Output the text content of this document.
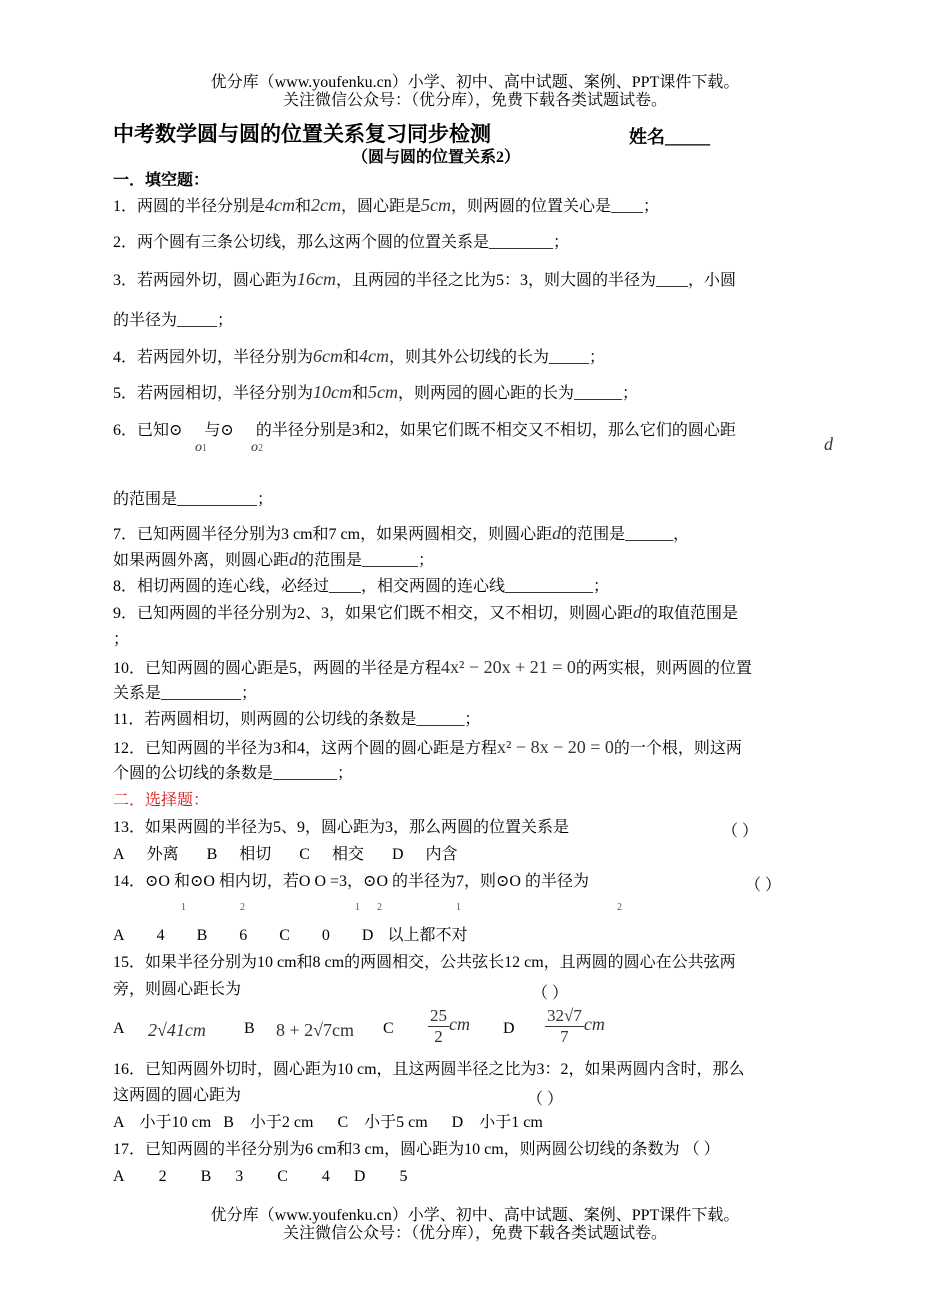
优分库（www.youfenku.cn）小学、初中、高中试题、案例、PPT课件下载。
关注微信公众号：（优分库），免费下载各类试题试卷。
中考数学圆与圆的位置关系复习同步检测	姓名_____
（圆与圆的位置关系2）
一．填空题：
1．两圆的半径分别是4cm和2cm，圆心距是5cm，则两圆的位置关心是____；
2．两个圆有三条公切线，那么这两个圆的位置关系是________；
3．若两园外切，圆心距为16cm，且两园的半径之比为5：3，则大圆的半径为____，小圆
的半径为_____；
4．若两园外切，半径分别为6cm和4cm，则其外公切线的长为_____；
5．若两园相切，半径分别为10cm和5cm，则两园的圆心距的长为______；
6．已知⊙ 与⊙ 的半径分别是3和2，如果它们既不相交又不相切，那么它们的圆心距
o1	o2	d
的范围是__________；
7．已知两圆半径分别为3 cm和7 cm，如果两圆相交，则圆心距d的范围是______，
如果两圆外离，则圆心距d的范围是_______；
8．相切两圆的连心线，必经过____，相交两圆的连心线___________；
9．已知两圆的半径分别为2、3，如果它们既不相交，又不相切，则圆心距d的取值范围是
；
10．已知两圆的圆心距是5，两圆的半径是方程4x² − 20x + 21 = 0的两实根，则两圆的位置
关系是__________；
11．若两圆相切，则两圆的公切线的条数是______；
12．已知两圆的半径为3和4，这两个圆的圆心距是方程x² − 8x − 20 = 0的一个根，则这两
个圆的公切线的条数是________；
二．选择题：
13．如果两圆的半径为5、9，圆心距为3，那么两圆的位置关系是	（ ）
A 外离 B 相切 C 相交 D 内含
14．⊙O 和⊙O 相内切，若O O =3，⊙O 的半径为7，则⊙O 的半径为	（ ）
1	2	1 2	1	2
A 4 B 6 C 0 D 以上都不对
15．如果半径分别为10 cm和8 cm的两圆相交，公共弦长12 cm，且两圆的圆心在公共弦两
旁，则圆心距长为	（ ）
A 2√41cm B 8 + 2√7cm C $\frac{25}{2}$ cm D $\frac{32√7}{7}$ cm
16．已知两圆外切时，圆心距为10 cm，且这两圆半径之比为3：2，如果两圆内含时，那么
这两圆的圆心距为	（ ）
A    小于10 cm   B    小于2 cm      C    小于5 cm      D    小于1 cm
17．已知两圆的半径分别为6 cm和3 cm，圆心距为10 cm，则两圆公切线的条数为 （ ）
A 2 B 3 C 4 D 5
优分库（www.youfenku.cn）小学、初中、高中试题、案例、PPT课件下载。
关注微信公众号：（优分库），免费下载各类试题试卷。
